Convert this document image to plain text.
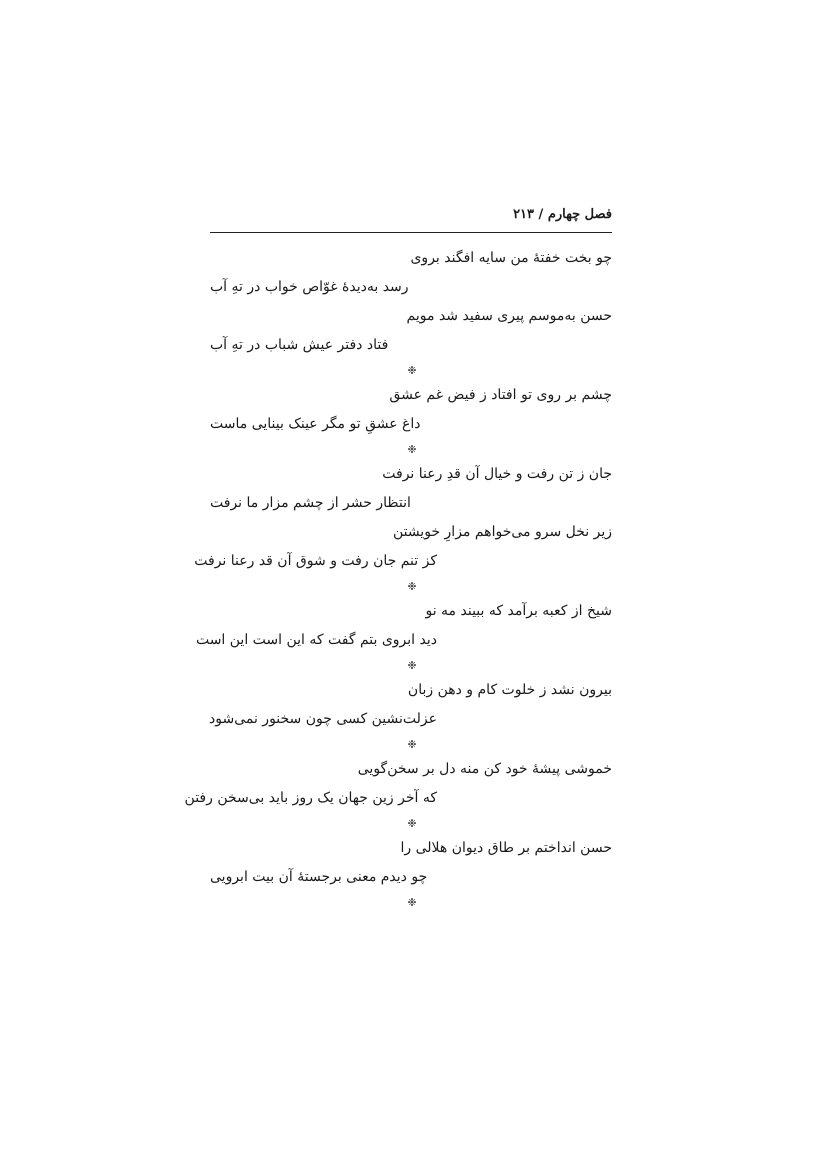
فصل چهارم / ۲۱۳
چو بخت خفتهٔ من سایه افگند بروی
رسد به‌دیدهٔ غوّاص خواب در تهِ آب
حسن به‌موسم پیری سفید شد مویم
فتاد دفتر عیش شباب در تهِ آب
❉
چشم بر روی تو افتاد ز فیض غم عشق
داغ عشقِ تو مگر عینک بینایی ماست
❉
جان ز تن رفت و خیال آن قدِ رعنا نرفت
انتظار حشر از چشم مزار ما نرفت
زیر نخل سرو می‌خواهم مزارِ خویشتن
کز تنم جان رفت و شوق آن قد رعنا نرفت
❉
شیخ از کعبه برآمد که ببیند مه نو
دید ابروی بتم گفت که این است این است
❉
بیرون نشد ز خلوت کام و دهن زبان
عزلت‌نشین کسی چون سخنور نمی‌شود
❉
خموشی پیشهٔ خود کن منه دل بر سخن‌گویی
که آخر زین جهان یک روز باید بی‌سخن رفتن
❉
حسن انداختم بر طاق دیوان هلالی را
چو دیدم معنی برجستهٔ آن بیت ابرویی
❉
